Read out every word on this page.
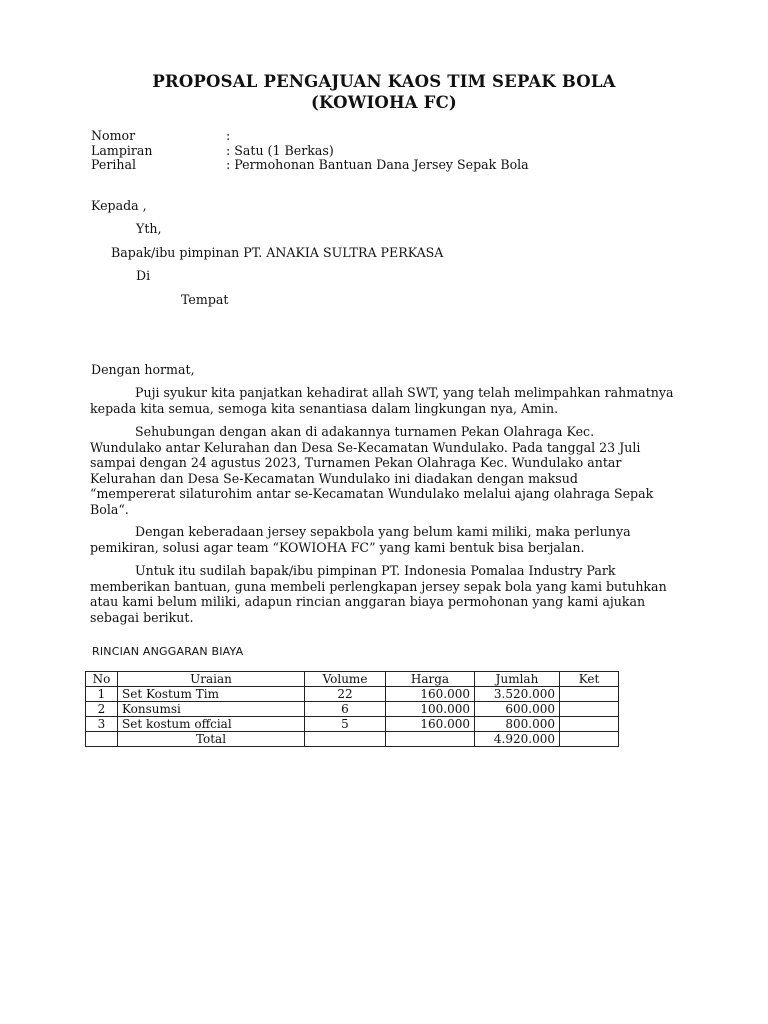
PROPOSAL PENGAJUAN KAOS TIM SEPAK BOLA
(KOWIOHA FC)
Nomor	:
Lampiran	: Satu (1 Berkas)
Perihal	: Permohonan Bantuan Dana Jersey Sepak Bola
Kepada ,
Yth,
Bapak/ibu pimpinan PT. ANAKIA SULTRA PERKASA
Di
Tempat
Dengan hormat,
Puji syukur kita panjatkan kehadirat allah SWT, yang telah melimpahkan rahmatnya
kepada kita semua, semoga kita senantiasa dalam lingkungan nya, Amin.
Sehubungan dengan akan di adakannya turnamen Pekan Olahraga Kec.
Wundulako antar Kelurahan dan Desa Se-Kecamatan Wundulako. Pada tanggal 23 Juli
sampai dengan 24 agustus 2023, Turnamen Pekan Olahraga Kec. Wundulako antar
Kelurahan dan Desa Se-Kecamatan Wundulako ini diadakan dengan maksud
“mempererat silaturohim antar se-Kecamatan Wundulako melalui ajang olahraga Sepak
Bola“.
Dengan keberadaan jersey sepakbola yang belum kami miliki, maka perlunya
pemikiran, solusi agar team “KOWIOHA FC” yang kami bentuk bisa berjalan.
Untuk itu sudilah bapak/ibu pimpinan PT. Indonesia Pomalaa Industry Park
memberikan bantuan, guna membeli perlengkapan jersey sepak bola yang kami butuhkan
atau kami belum miliki, adapun rincian anggaran biaya permohonan yang kami ajukan
sebagai berikut.
RINCIAN ANGGARAN BIAYA
No	Uraian	Volume	Harga	Jumlah	Ket
1	Set Kostum Tim	22	160.000	3.520.000	
2	Konsumsi	6	100.000	600.000	
3	Set kostum offcial	5	160.000	800.000	
	Total			4.920.000	
